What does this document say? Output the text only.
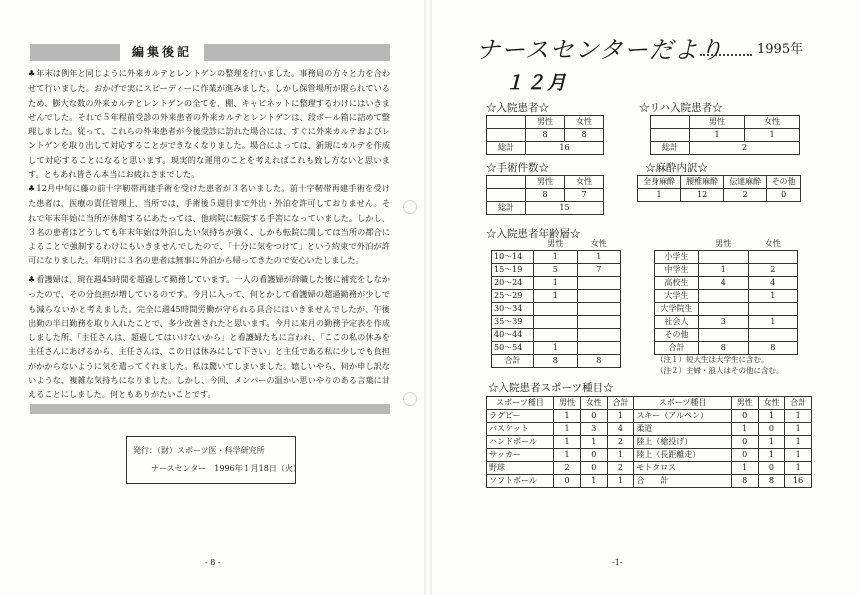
編集後記

♣年末は例年と同じように外来カルテとレントゲンの整理を行いました。事務局の方々と力を合わせて行いました。おかげで実にスピーディーに作業が進みました。しかし保管場所が限られているため、膨大な数の外来カルテとレントゲンの全てを、棚、キャビネットに整理するわけにはいきませんでした。それで５年程前受診の外来患者の外来カルテとレントゲンは、段ボール箱に詰めて整理しました。従って、これらの外来患者が今後受診に訪れた場合には、すぐに外来カルテおよびレントゲンを取り出して対応することができなくなりました。場合によっては、新規にカルテを作成して対応することになると思います。現実的な運用のことを考えればこれも致し方ないと思います。ともあれ皆さん本当にお疲れさまでした。

♣12月中旬に藤の前十字靭帯再建手術を受けた患者が３名いました。前十字靭帯再建手術を受けた患者は、医療の責任管理上、当所では、手術後５週目まで外出・外泊を許可しておりません。それで年末年始に当所が休館するにあたっては、他病院に転院する手筈になっていました。しかし、３名の患者はどうしても年末年始は外泊したい気持ちが強く、しかも転院に関しては当所の都合によることで強制するわけにもいきませんでしたので、「十分に気をつけて」という約束で外泊が許可になりました。年明けに３名の患者は無事に外泊から帰ってきたので安心いたしました。

♣看護婦は、現在週45時間を超過して勤務しています。一人の看護婦が辞職した後に補充をしなかったので、その分負担が増しているのです。今月に入って、何とかして看護婦の超過勤務が少しでも減らないかと考えました。完全に週45時間労働が守られる具合にはいきませんでしたが、午後出勤の半日勤務を取り入れたことで、多少改善されたと思います。今月に来月の勤務予定表を作成しました所、「主任さんは、超過してはいけないから」と看護婦たちに言われ、「ここの私の休みを主任さんにあげるから、主任さんは、この日は休みにして下さい」と主任である私に少しでも負担がかからないように気を遣ってくれました。私は驚いてしまいました。嬉しいやら、何か申し訳ないような、複雑な気持ちになりました。しかし、今回、メンバーの温かい思いやりのある言葉に甘えることにしました。何ともありがたいことです。

発行：（財）スポーツ医・科学研究所
ナースセンター　1996年１月18日（火）
- 8 -
ナースセンターだより	1995年
１２月
☆入院患者☆
	男性	女性
	8	8
総計	16	
☆リハ入院患者☆
	男性	女性
	1	1
総計	2	
☆手術件数☆
	男性	女性
	8	7
総計	15	
☆麻酔内訳☆
全身麻酔	腰椎麻酔	伝達麻酔	その他
1	12	2	0
☆入院患者年齢層☆
	男性	女性
10～14	1	1
15～19	5	7
20～24	1	
25～29	1	
30～34		
35～39		
40～44		
50～54	1	
合計	8	8
	男性	女性
小学生		
中学生	1	2
高校生	4	4
大学生		1
大学院生		
社会人	3	1
その他		
合計	8	8
（注１）短大生は大学生に含む。
（注２）主婦・浪人はその他に含む。
☆入院患者スポーツ種目☆
スポーツ種目	男性	女性	合計	スポーツ種目	男性	女性	合計
ラグビー	1	0	1	スキー（アルペン）	0	1	1
バスケット	1	3	4	柔道	1	0	1
ハンドボール	1	1	2	陸上（槍投げ）	0	1	1
サッカー	1	0	1	陸上（長距離走）	0	1	1
野球	2	0	2	モトクロス	1	0	1
ソフトボール	0	1	1	合　　計	8	8	16
-1-
